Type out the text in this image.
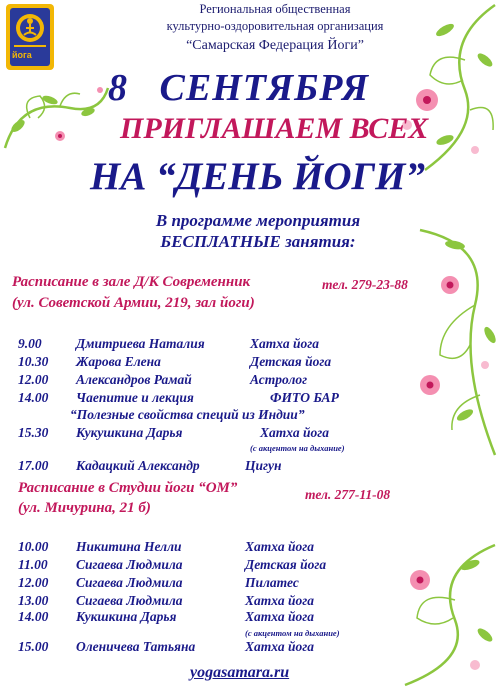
йога
Региональная общественная
культурно-оздоровительная организация
“Самарская Федерация Йоги”
8   СЕНТЯБРЯ
ПРИГЛАШАЕМ ВСЕХ
НА “ДЕНЬ ЙОГИ”
В программе мероприятия
БЕСПЛАТНЫЕ занятия:
Расписание в зале Д/К Современник	тел. 279-23-88
(ул. Советской Армии, 219, зал йоги)
9.00	Дмитриева Наталия	Хатха йога
10.30 Жарова Елена	Детская йога
12.00 Александров Рамай	Астролог
14.00 Чаепитие и лекция	ФИТО БАР
“Полезные свойства специй из Индии”
15.30 Кукушкина Дарья	Хатха йога
(с акцентом на дыхание)
17.00 Кадацкий Александр	Цигун
Расписание в Студии йоги “ОМ”	тел. 277-11-08
(ул. Мичурина, 21 б)
10.00 Никитина Нелли	Хатха йога
11.00 Сигаева Людмила	Детская йога
12.00 Сигаева Людмила	Пилатес
13.00 Сигаева Людмила	Хатха йога
14.00 Кукшкина Дарья	Хатха йога
(с акцентом на дыхание)
15.00 Оленичева Татьяна	Хатха йога
yogasamara.ru
